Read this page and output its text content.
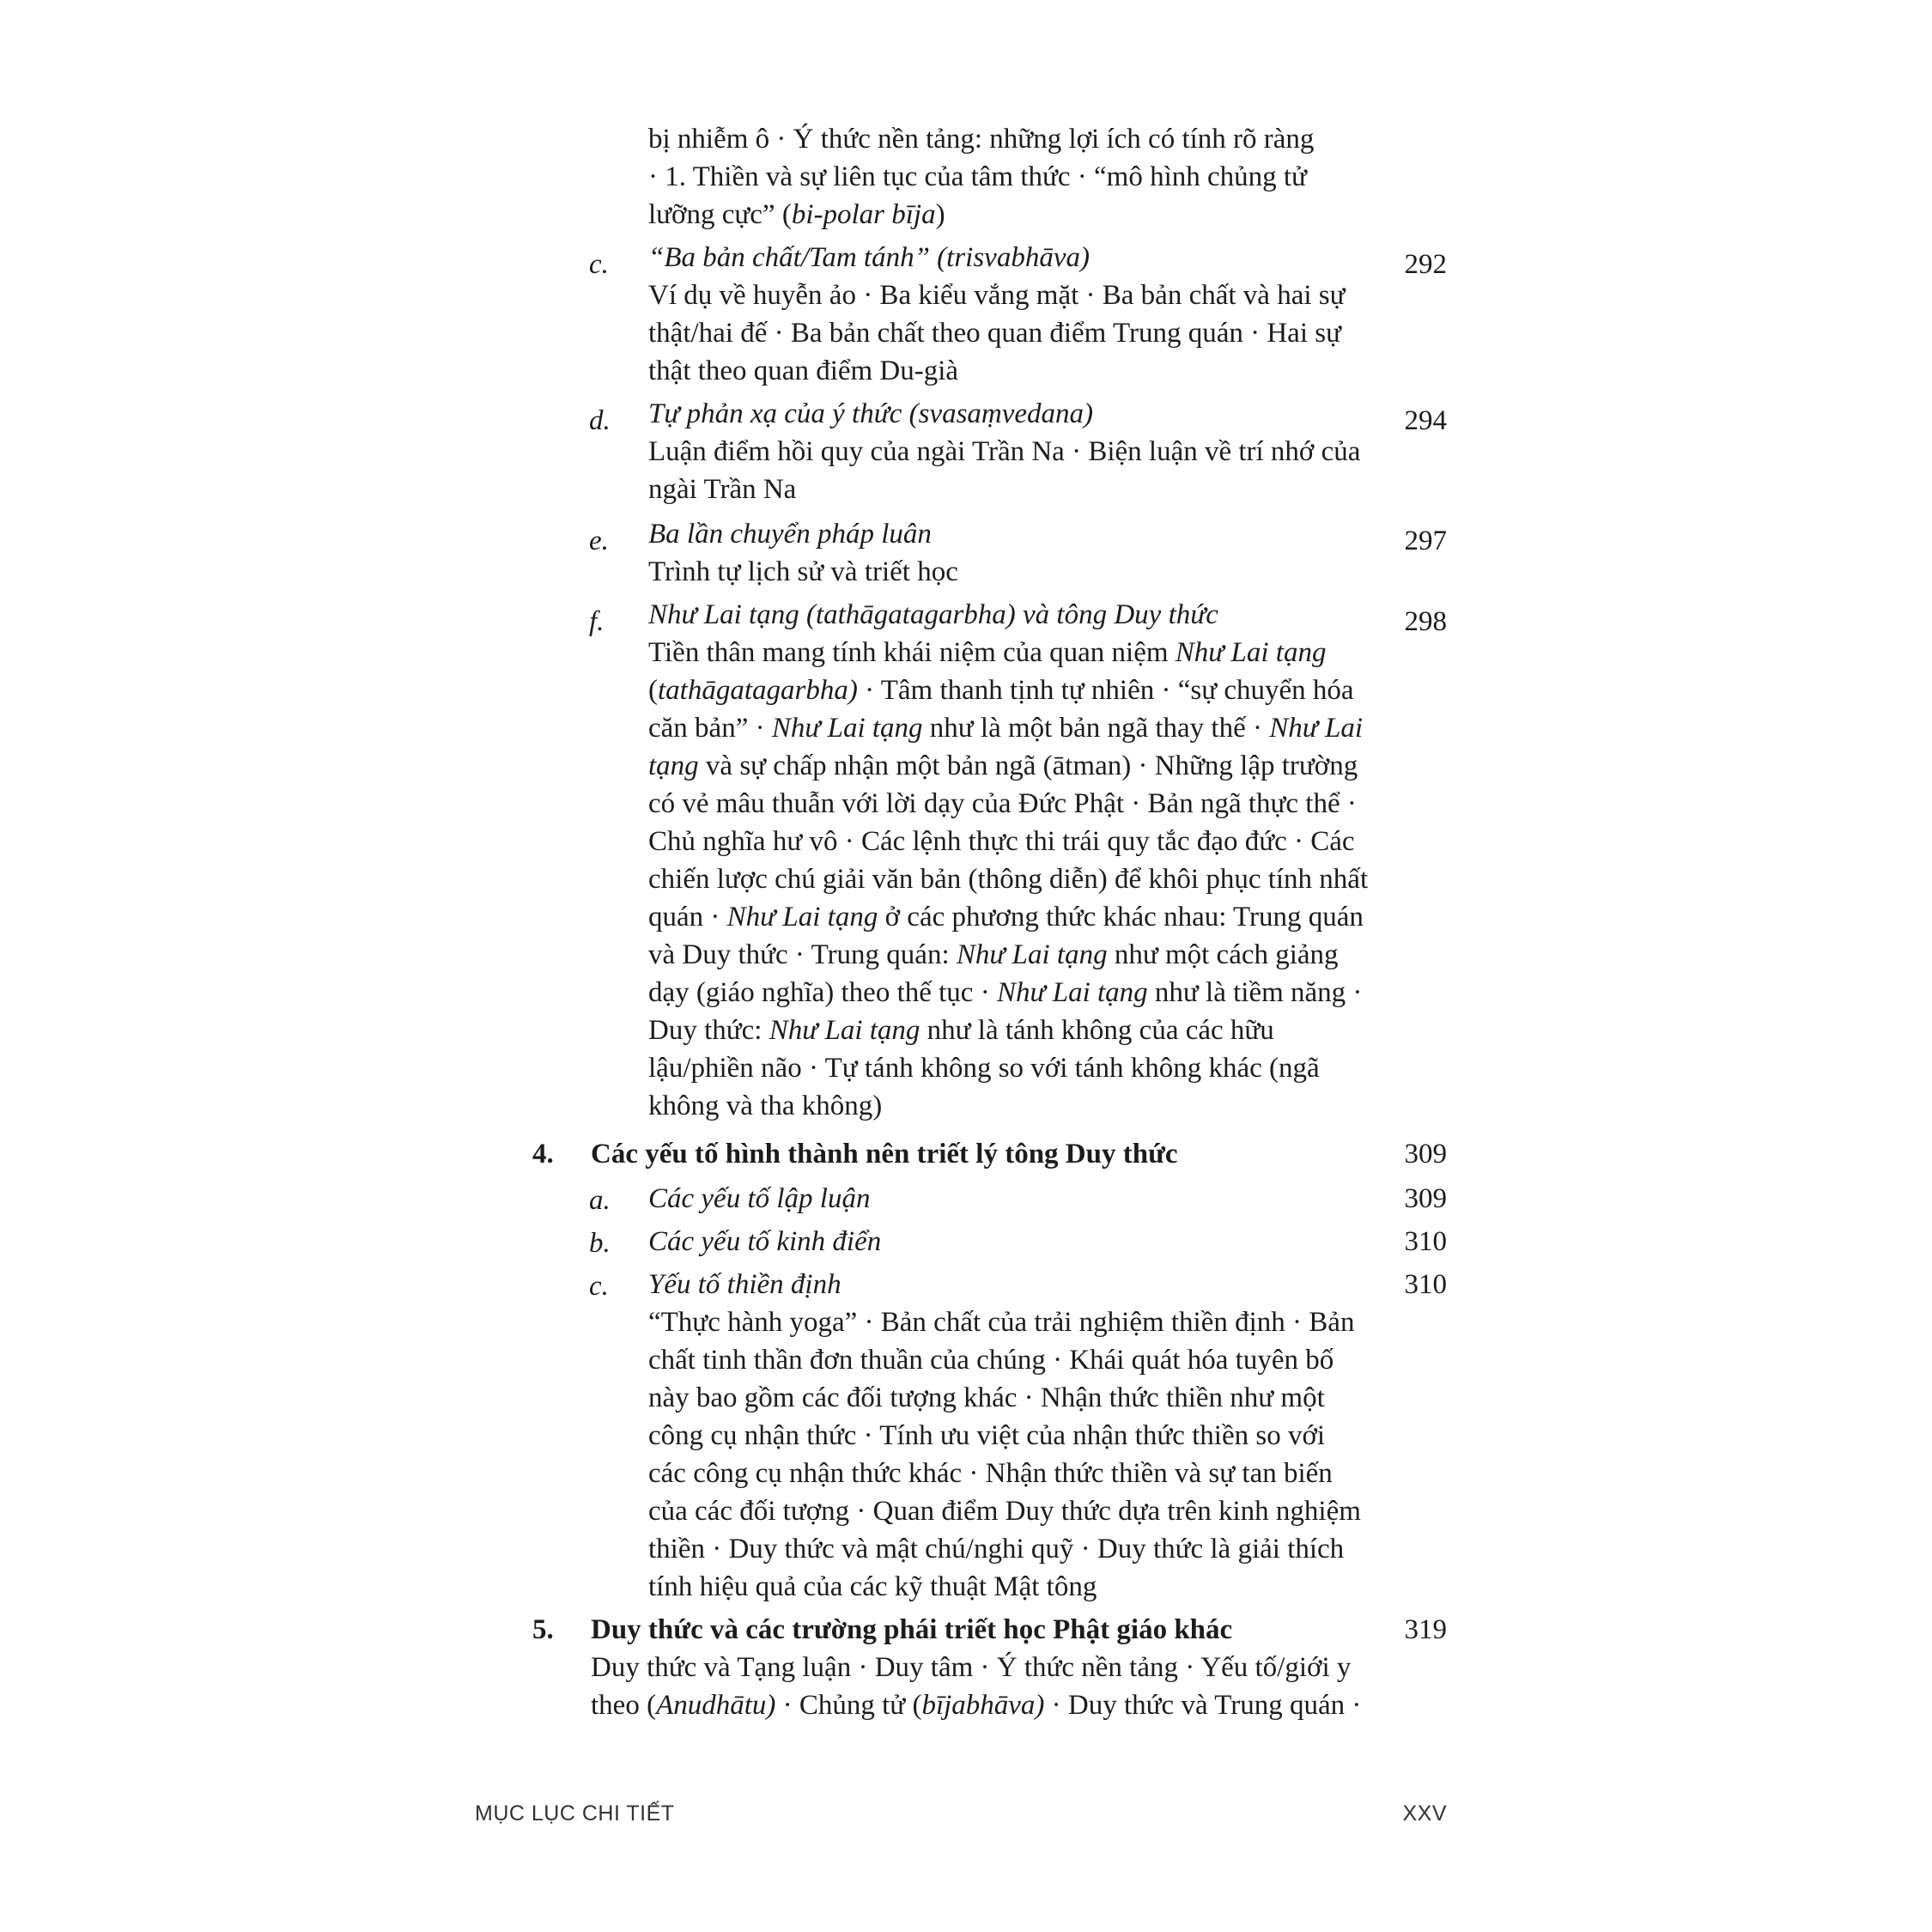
bị nhiễm ô · Ý thức nền tảng: những lợi ích có tính rõ ràng
· 1. Thiền và sự liên tục của tâm thức · “mô hình chủng tử
lưỡng cực” (bi-polar bīja)
c. “Ba bản chất/Tam tánh” (trisvabhāva)	292
Ví dụ về huyễn ảo · Ba kiểu vắng mặt · Ba bản chất và hai sự thật/hai đế · Ba bản chất theo quan điểm Trung quán · Hai sự thật theo quan điểm Du-già
d. Tự phản xạ của ý thức (svasaṃvedana)	294
Luận điểm hồi quy của ngài Trần Na · Biện luận về trí nhớ của ngài Trần Na
e. Ba lần chuyển pháp luân	297
Trình tự lịch sử và triết học
f. Như Lai tạng (tathāgatagarbha) và tông Duy thức	298
Tiền thân mang tính khái niệm của quan niệm Như Lai tạng (tathāgatagarbha) · Tâm thanh tịnh tự nhiên · “sự chuyển hóa căn bản” · Như Lai tạng như là một bản ngã thay thế · Như Lai tạng và sự chấp nhận một bản ngã (ātman) · Những lập trường có vẻ mâu thuẫn với lời dạy của Đức Phật · Bản ngã thực thể · Chủ nghĩa hư vô · Các lệnh thực thi trái quy tắc đạo đức · Các chiến lược chú giải văn bản (thông diễn) để khôi phục tính nhất quán · Như Lai tạng ở các phương thức khác nhau: Trung quán và Duy thức · Trung quán: Như Lai tạng như một cách giảng dạy (giáo nghĩa) theo thế tục · Như Lai tạng như là tiềm năng · Duy thức: Như Lai tạng như là tánh không của các hữu lậu/phiền não · Tự tánh không so với tánh không khác (ngã không và tha không)
4. Các yếu tố hình thành nên triết lý tông Duy thức	309
a. Các yếu tố lập luận	309
b. Các yếu tố kinh điển	310
c. Yếu tố thiền định	310
“Thực hành yoga” · Bản chất của trải nghiệm thiền định · Bản chất tinh thần đơn thuần của chúng · Khái quát hóa tuyên bố này bao gồm các đối tượng khác · Nhận thức thiền như một công cụ nhận thức · Tính ưu việt của nhận thức thiền so với các công cụ nhận thức khác · Nhận thức thiền và sự tan biến của các đối tượng · Quan điểm Duy thức dựa trên kinh nghiệm thiền · Duy thức và mật chú/nghi quỹ · Duy thức là giải thích tính hiệu quả của các kỹ thuật Mật tông
5. Duy thức và các trường phái triết học Phật giáo khác	319
Duy thức và Tạng luận · Duy tâm · Ý thức nền tảng · Yếu tố/giới y
theo (Anudhātu) · Chủng tử (bījabhāva) · Duy thức và Trung quán ·
MỤC LỤC CHI TIẾT	XXV
